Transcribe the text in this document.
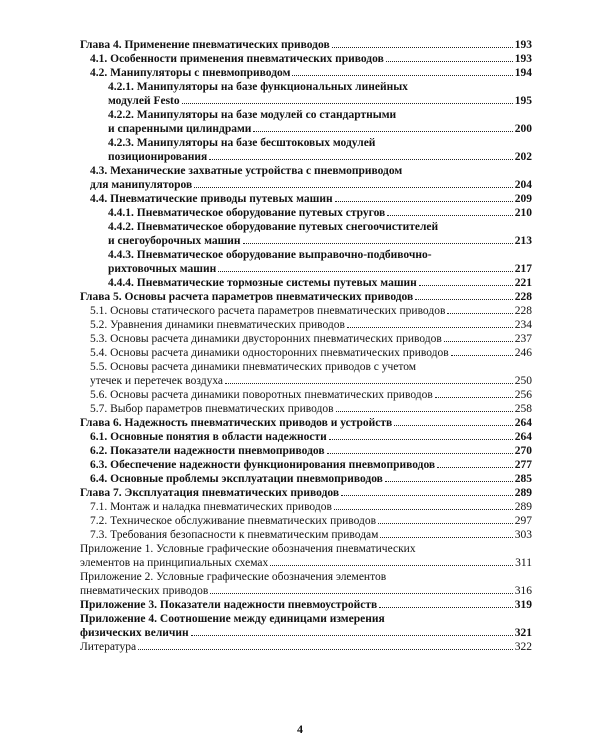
Глава 4. Применение пневматических приводов	193
4.1. Особенности применения пневматических приводов	193
4.2. Манипуляторы с пневмоприводом	194
4.2.1. Манипуляторы на базе функциональных линейных
модулей Festo	195
4.2.2. Манипуляторы на базе модулей со стандартными
и спаренными цилиндрами	200
4.2.3. Манипуляторы на базе бесштоковых модулей
позиционирования	202
4.3. Механические захватные устройства с пневмоприводом
для манипуляторов	204
4.4. Пневматические приводы путевых машин	209
4.4.1. Пневматическое оборудование путевых стругов	210
4.4.2. Пневматическое оборудование путевых снегоочистителей
и снегоуборочных машин	213
4.4.3. Пневматическое оборудование выправочно-подбивочно-
рихтовочных машин	217
4.4.4. Пневматические тормозные системы путевых машин	221
Глава 5. Основы расчета параметров пневматических приводов	228
5.1. Основы статического расчета параметров пневматических приводов	228
5.2. Уравнения динамики пневматических приводов	234
5.3. Основы расчета динамики двусторонних пневматических приводов	237
5.4. Основы расчета динамики односторонних пневматических приводов	246
5.5. Основы расчета динамики пневматических приводов с учетом
утечек и перетечек воздуха	250
5.6. Основы расчета динамики поворотных пневматических приводов	256
5.7. Выбор параметров пневматических приводов	258
Глава 6. Надежность пневматических приводов и устройств	264
6.1. Основные понятия в области надежности	264
6.2. Показатели надежности пневмоприводов	270
6.3. Обеспечение надежности функционирования пневмоприводов	277
6.4. Основные проблемы эксплуатации пневмоприводов	285
Глава 7. Эксплуатация пневматических приводов	289
7.1. Монтаж и наладка пневматических приводов	289
7.2. Техническое обслуживание пневматических приводов	297
7.3. Требования безопасности к пневматическим приводам	303
Приложение 1. Условные графические обозначения пневматических
элементов на принципиальных схемах	311
Приложение 2. Условные графические обозначения элементов
пневматических приводов	316
Приложение 3. Показатели надежности пневмоустройств	319
Приложение 4. Соотношение между единицами измерения
физических величин	321
Литература	322
4
